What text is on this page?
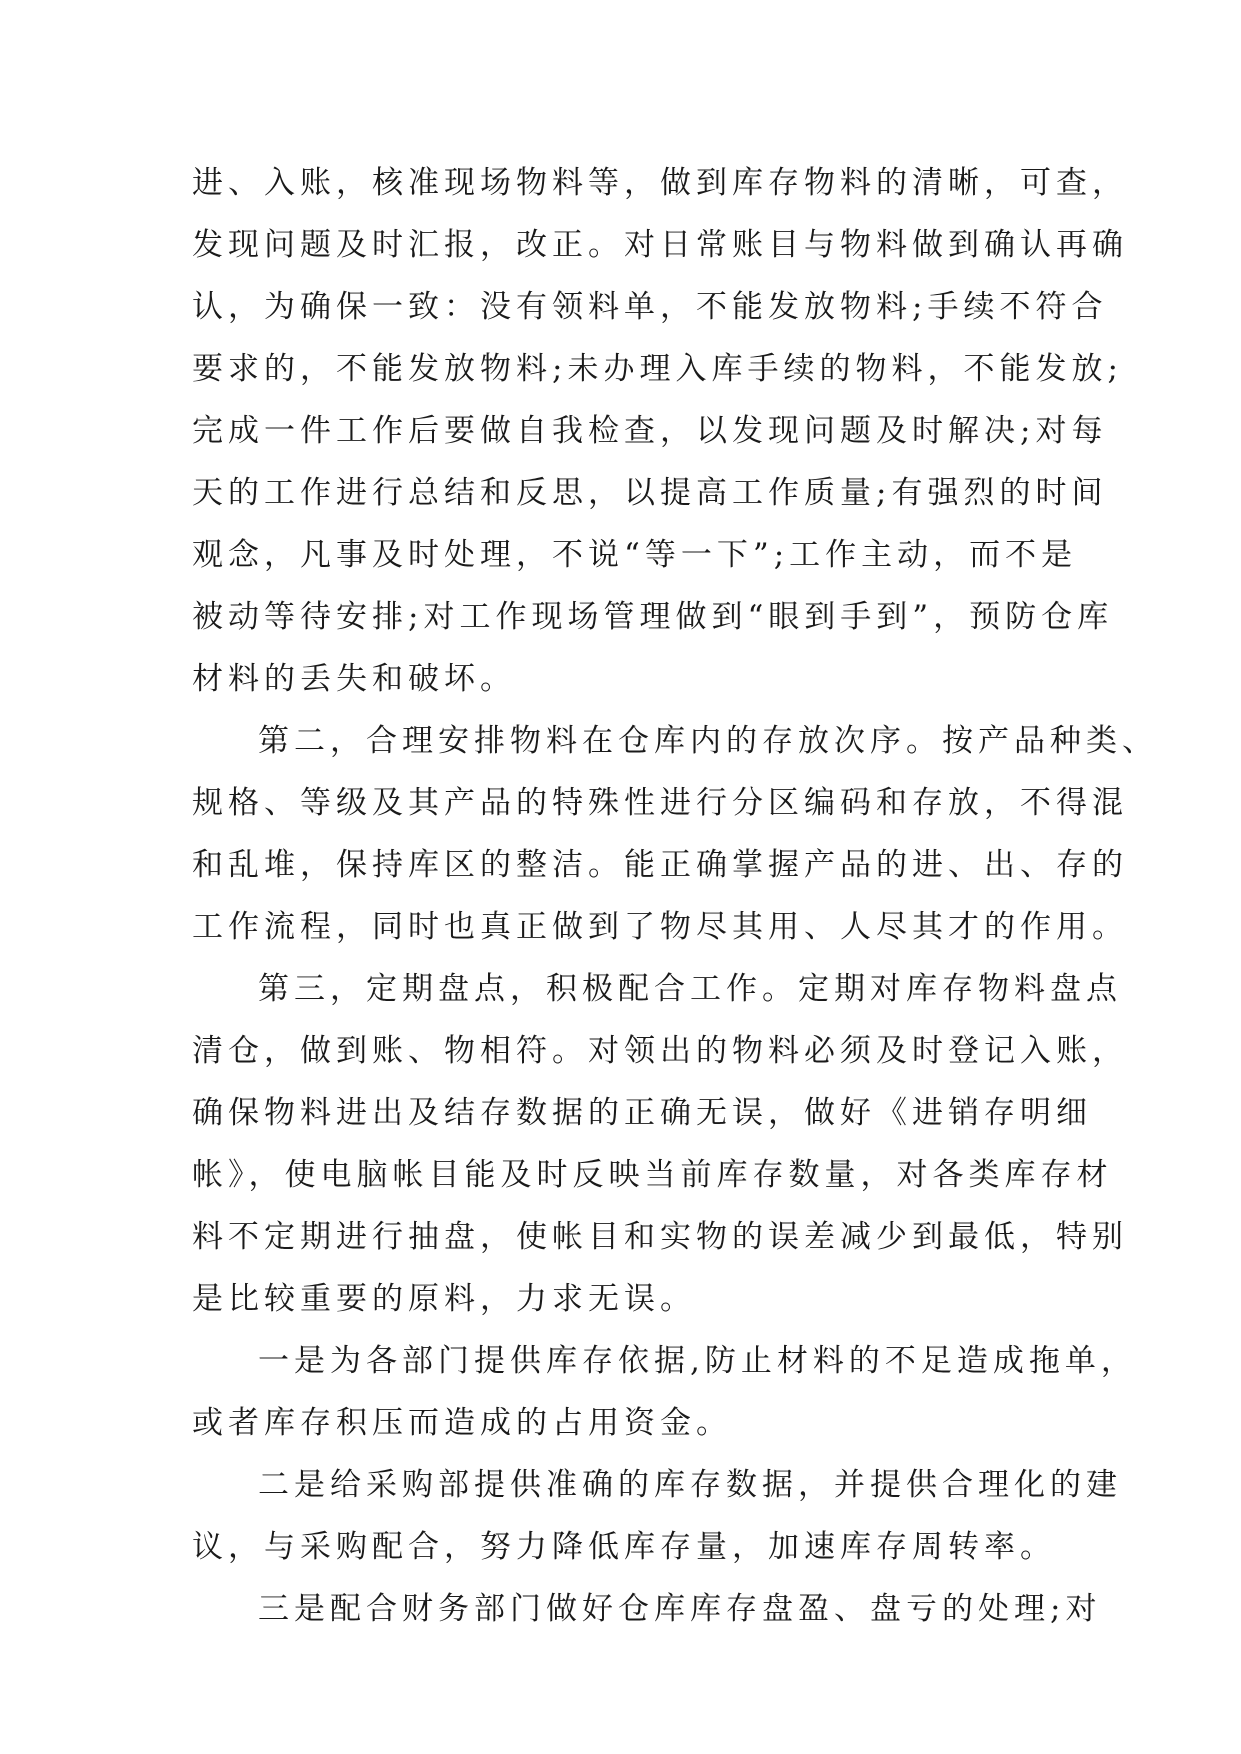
进、入账，核准现场物料等，做到库存物料的清晰，可查，
发现问题及时汇报，改正。对日常账目与物料做到确认再确
认，为确保一致：没有领料单，不能发放物料;手续不符合
要求的，不能发放物料;未办理入库手续的物料，不能发放;
完成一件工作后要做自我检查，以发现问题及时解决;对每
天的工作进行总结和反思，以提高工作质量;有强烈的时间
观念，凡事及时处理，不说“等一下”;工作主动，而不是
被动等待安排;对工作现场管理做到“眼到手到”，预防仓库
材料的丢失和破坏。
第二，合理安排物料在仓库内的存放次序。按产品种类、
规格、等级及其产品的特殊性进行分区编码和存放，不得混
和乱堆，保持库区的整洁。能正确掌握产品的进、出、存的
工作流程，同时也真正做到了物尽其用、人尽其才的作用。
第三，定期盘点，积极配合工作。定期对库存物料盘点
清仓，做到账、物相符。对领出的物料必须及时登记入账，
确保物料进出及结存数据的正确无误，做好《进销存明细
帐》，使电脑帐目能及时反映当前库存数量，对各类库存材
料不定期进行抽盘，使帐目和实物的误差减少到最低，特别
是比较重要的原料，力求无误。
一是为各部门提供库存依据,防止材料的不足造成拖单，
或者库存积压而造成的占用资金。
二是给采购部提供准确的库存数据，并提供合理化的建
议，与采购配合，努力降低库存量，加速库存周转率。
三是配合财务部门做好仓库库存盘盈、盘亏的处理;对
